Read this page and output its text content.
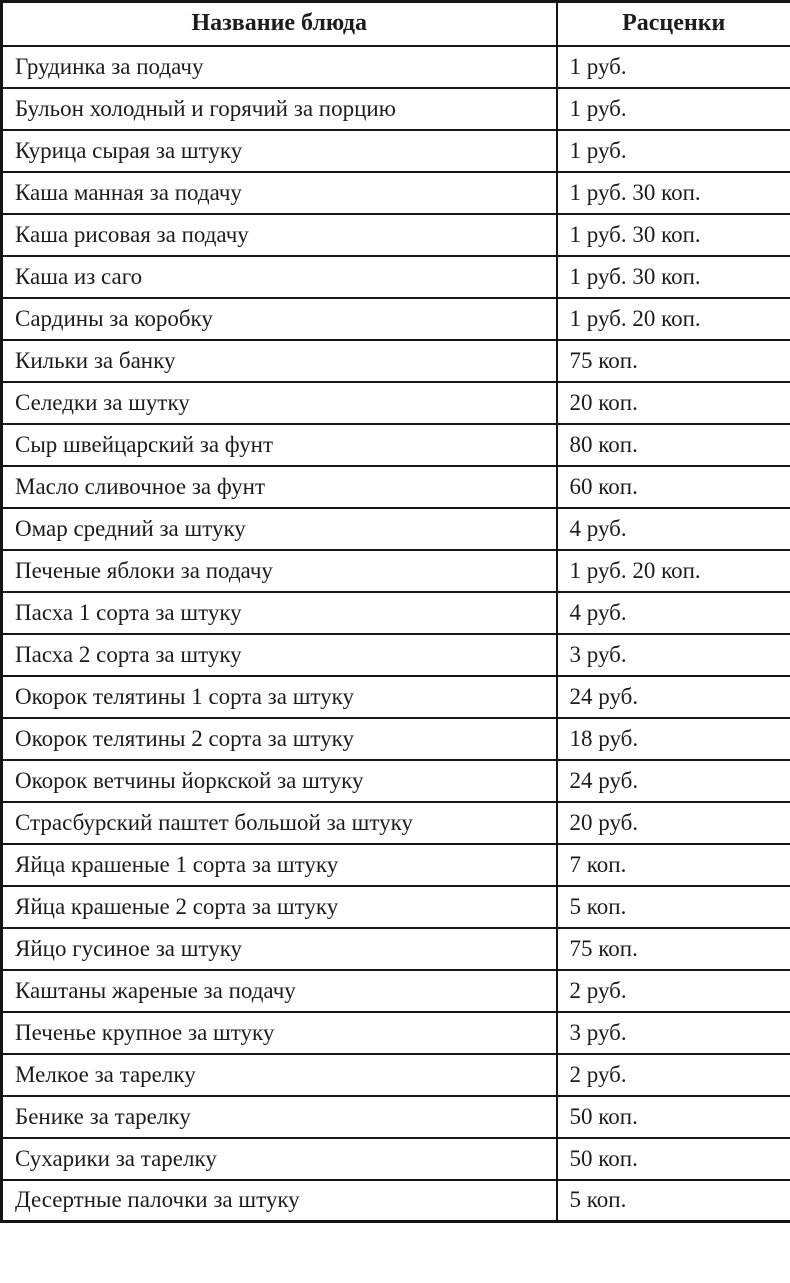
Название блюда	Расценки
Грудинка за подачу	1 руб.
Бульон холодный и горячий за порцию	1 руб.
Курица сырая за штуку	1 руб.
Каша манная за подачу	1 руб. 30 коп.
Каша рисовая за подачу	1 руб. 30 коп.
Каша из саго	1 руб. 30 коп.
Сардины за коробку	1 руб. 20 коп.
Кильки за банку	75 коп.
Селедки за шутку	20 коп.
Сыр швейцарский за фунт	80 коп.
Масло сливочное за фунт	60 коп.
Омар средний за штуку	4 руб.
Печеные яблоки за подачу	1 руб. 20 коп.
Пасха 1 сорта за штуку	4 руб.
Пасха 2 сорта за штуку	3 руб.
Окорок телятины 1 сорта за штуку	24 руб.
Окорок телятины 2 сорта за штуку	18 руб.
Окорок ветчины йоркской за штуку	24 руб.
Страсбурский паштет большой за штуку	20 руб.
Яйца крашеные 1 сорта за штуку	7 коп.
Яйца крашеные 2 сорта за штуку	5 коп.
Яйцо гусиное за штуку	75 коп.
Каштаны жареные за подачу	2 руб.
Печенье крупное за штуку	3 руб.
Мелкое за тарелку	2 руб.
Бенике за тарелку	50 коп.
Сухарики за тарелку	50 коп.
Десертные палочки за штуку	5 коп.
